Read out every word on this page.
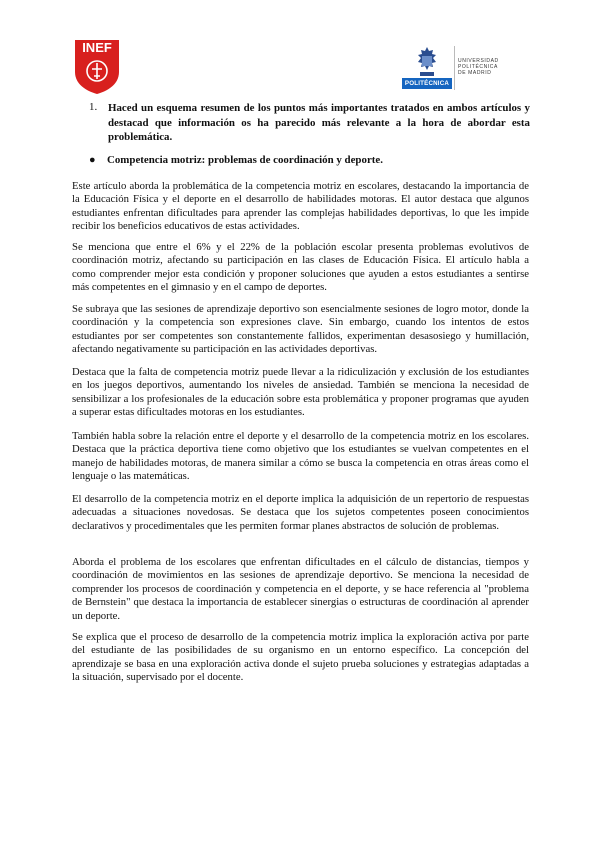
INEF
POLITÉCNICA
UNIVERSIDAD
POLITÉCNICA
DE MADRID
1. Haced un esquema resumen de los puntos más importantes tratados en ambos artículos y destacad que información os ha parecido más relevante a la hora de abordar esta problemática.
● Competencia motriz: problemas de coordinación y deporte.

Este artículo aborda la problemática de la competencia motriz en escolares, destacando la importancia de la Educación Física y el deporte en el desarrollo de habilidades motoras. El autor destaca que algunos estudiantes enfrentan dificultades para aprender las complejas habilidades deportivas, lo que les impide recibir los beneficios educativos de estas actividades.

Se menciona que entre el 6% y el 22% de la población escolar presenta problemas evolutivos de coordinación motriz, afectando su participación en las clases de Educación Física. El artículo habla a como comprender mejor esta condición y proponer soluciones que ayuden a estos estudiantes a sentirse más competentes en el gimnasio y en el campo de deportes.

Se subraya que las sesiones de aprendizaje deportivo son esencialmente sesiones de logro motor, donde la coordinación y la competencia son expresiones clave. Sin embargo, cuando los intentos de estos estudiantes por ser competentes son constantemente fallidos, experimentan desasosiego y humillación, afectando negativamente su participación en las actividades deportivas.

Destaca que la falta de competencia motriz puede llevar a la ridiculización y exclusión de los estudiantes en los juegos deportivos, aumentando los niveles de ansiedad. También se menciona la necesidad de sensibilizar a los profesionales de la educación sobre esta problemática y proponer programas que ayuden a superar estas dificultades motoras en los estudiantes.

También habla sobre la relación entre el deporte y el desarrollo de la competencia motriz en los escolares. Destaca que la práctica deportiva tiene como objetivo que los estudiantes se vuelvan competentes en el manejo de habilidades motoras, de manera similar a cómo se busca la competencia en otras áreas como el lenguaje o las matemáticas.

El desarrollo de la competencia motriz en el deporte implica la adquisición de un repertorio de respuestas adecuadas a situaciones novedosas. Se destaca que los sujetos competentes poseen conocimientos declarativos y procedimentales que les permiten formar planes abstractos de solución de problemas.

Aborda el problema de los escolares que enfrentan dificultades en el cálculo de distancias, tiempos y coordinación de movimientos en las sesiones de aprendizaje deportivo. Se menciona la necesidad de comprender los procesos de coordinación y competencia en el deporte, y se hace referencia al "problema de Bernstein" que destaca la importancia de establecer sinergias o estructuras de coordinación al aprender un deporte.

Se explica que el proceso de desarrollo de la competencia motriz implica la exploración activa por parte del estudiante de las posibilidades de su organismo en un entorno específico. La concepción del aprendizaje se basa en una exploración activa donde el sujeto prueba soluciones y estrategias adaptadas a la situación, supervisado por el docente.
